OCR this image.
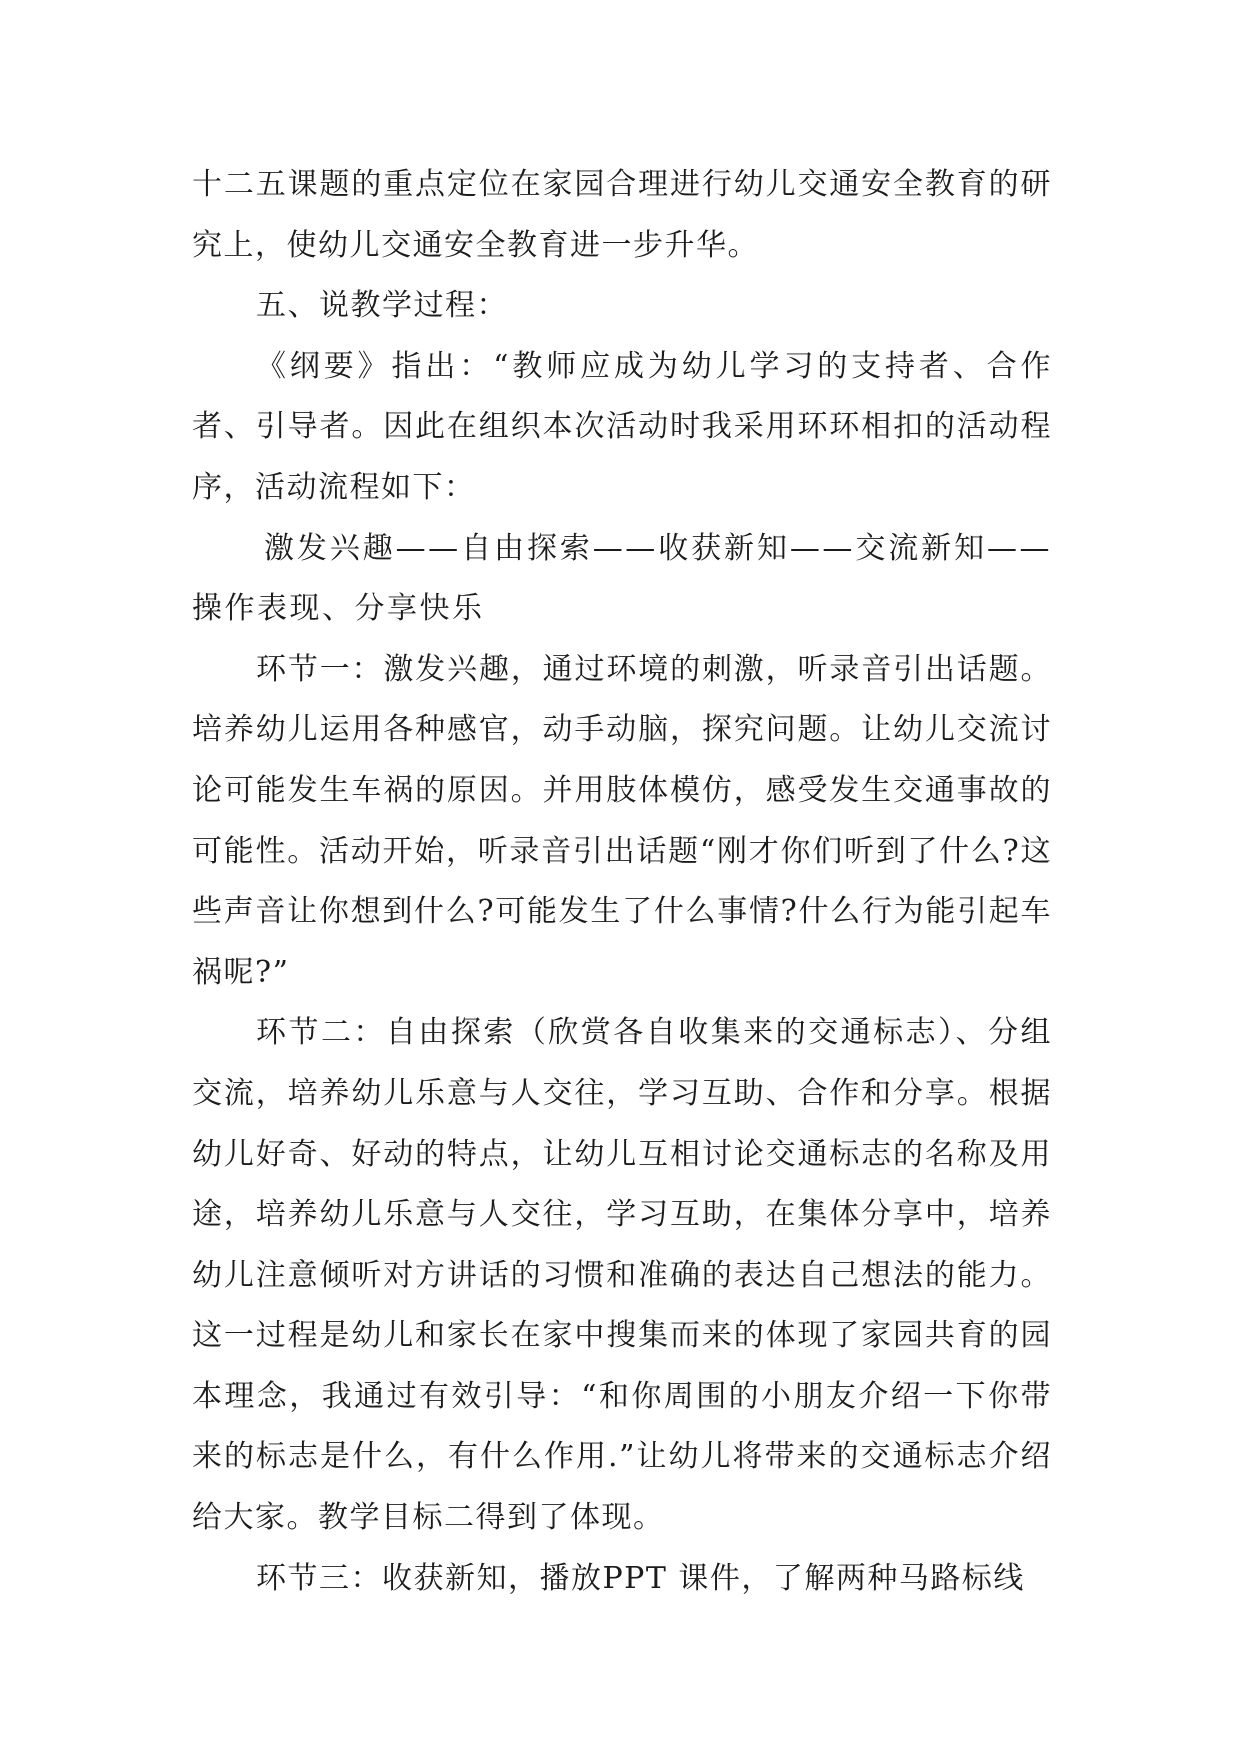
十二五课题的重点定位在家园合理进行幼儿交通安全教育的研究上，使幼儿交通安全教育进一步升华。

五、说教学过程：

《纲要》指出：“教师应成为幼儿学习的支持者、合作者、引导者。因此在组织本次活动时我采用环环相扣的活动程序，活动流程如下：

激发兴趣——自由探索——收获新知——交流新知——操作表现、分享快乐

环节一：激发兴趣，通过环境的刺激，听录音引出话题。培养幼儿运用各种感官，动手动脑，探究问题。让幼儿交流讨论可能发生车祸的原因。并用肢体模仿，感受发生交通事故的可能性。活动开始，听录音引出话题“刚才你们听到了什么?这些声音让你想到什么?可能发生了什么事情?什么行为能引起车祸呢?”

环节二：自由探索（欣赏各自收集来的交通标志）、分组交流，培养幼儿乐意与人交往，学习互助、合作和分享。根据幼儿好奇、好动的特点，让幼儿互相讨论交通标志的名称及用途，培养幼儿乐意与人交往，学习互助，在集体分享中，培养幼儿注意倾听对方讲话的习惯和准确的表达自己想法的能力。这一过程是幼儿和家长在家中搜集而来的体现了家园共育的园本理念，我通过有效引导：“和你周围的小朋友介绍一下你带来的标志是什么，有什么作用.”让幼儿将带来的交通标志介绍给大家。教学目标二得到了体现。

环节三：收获新知，播放PPT 课件，了解两种马路标线
